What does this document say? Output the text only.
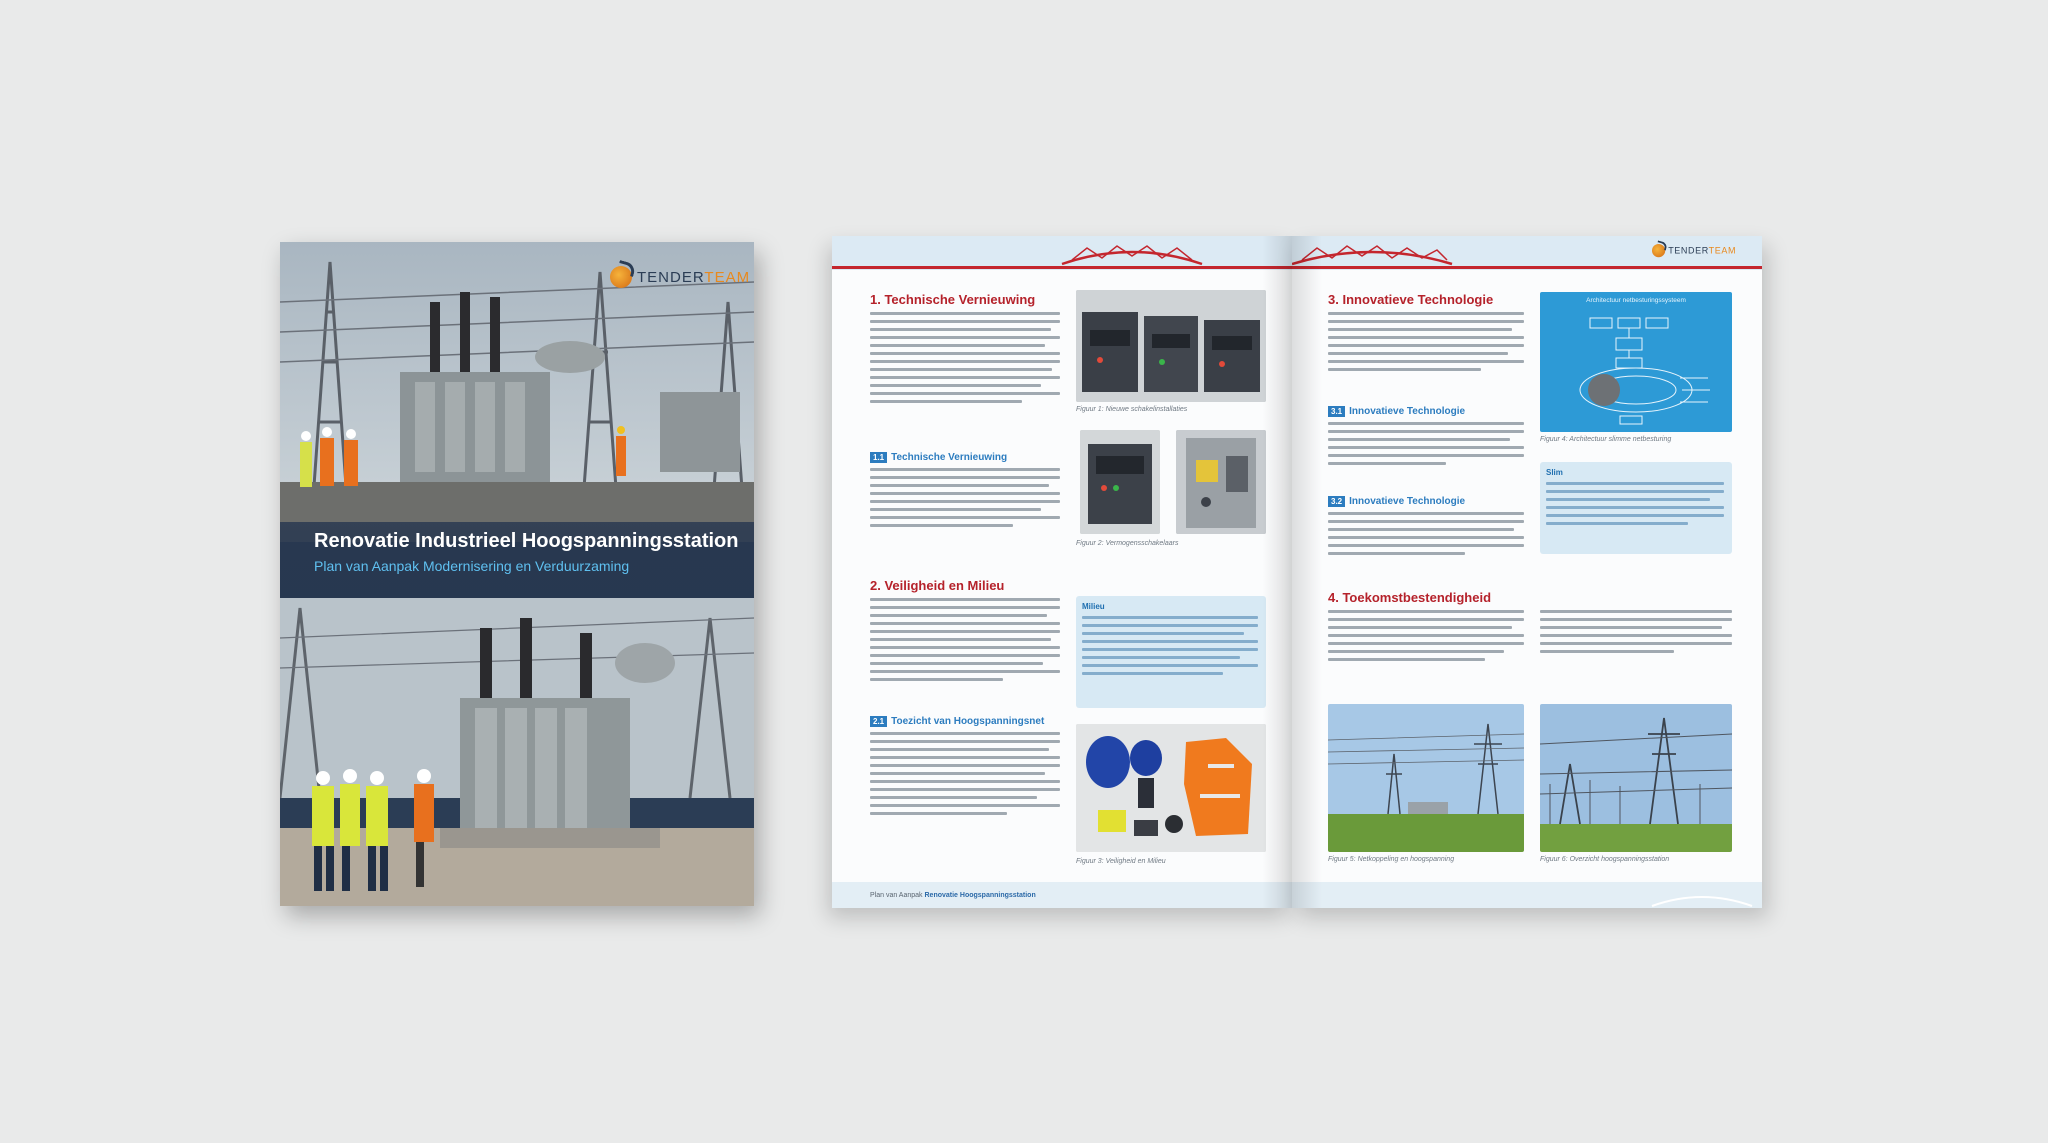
Renovatie Industrieel Hoogspanningsstation
Plan van Aanpak Modernisering en Verduurzaming
TENDERTEAM
1. Technische Vernieuwing
1.1 Technische Vernieuwing
Figuur 1: Nieuwe schakelinstallaties
Figuur 2: Vermogensschakelaars
2. Veiligheid en Milieu
2.1 Toezicht van Hoogspanningsnet
Milieu
Figuur 3: Veiligheid en Milieu
Plan van Aanpak Renovatie Hoogspanningsstation
TENDERTEAM
3. Innovatieve Technologie
3.1 Innovatieve Technologie
3.2 Innovatieve Technologie
Architectuur netbesturingssysteem
Figuur 4: Architectuur slimme netbesturing
Slim
4. Toekomstbestendigheid
Figuur 5: Netkoppeling en hoogspanning	Figuur 6: Overzicht hoogspanningsstation
